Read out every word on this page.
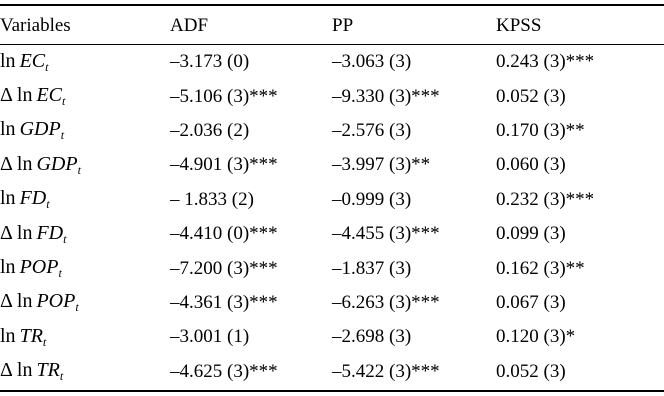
Variables	ADF	PP	KPSS
$\ln EC_t$	–3.173 (0)	–3.063 (3)	0.243 (3)***
Δ  $\ln EC_t$	–5.106 (3)***	–9.330 (3)***	0.052 (3)
$\ln GDP_t$	–2.036 (2)	–2.576 (3)	0.170 (3)**
Δ  $\ln GDP_t$	–4.901 (3)***	–3.997 (3)**	0.060 (3)
$\ln FD_t$	– 1.833 (2)	–0.999 (3)	0.232 (3)***
Δ  $\ln FD_t$	–4.410 (0)***	–4.455 (3)***	0.099 (3)
$\ln POP_t$	–7.200 (3)***	–1.837 (3)	0.162 (3)**
Δ  $\ln POP_t$	–4.361 (3)***	–6.263 (3)***	0.067 (3)
$\ln TR_t$	–3.001 (1)	–2.698 (3)	0.120 (3)*
Δ  $\ln TR_t$	–4.625 (3)***	–5.422 (3)***	0.052 (3)
